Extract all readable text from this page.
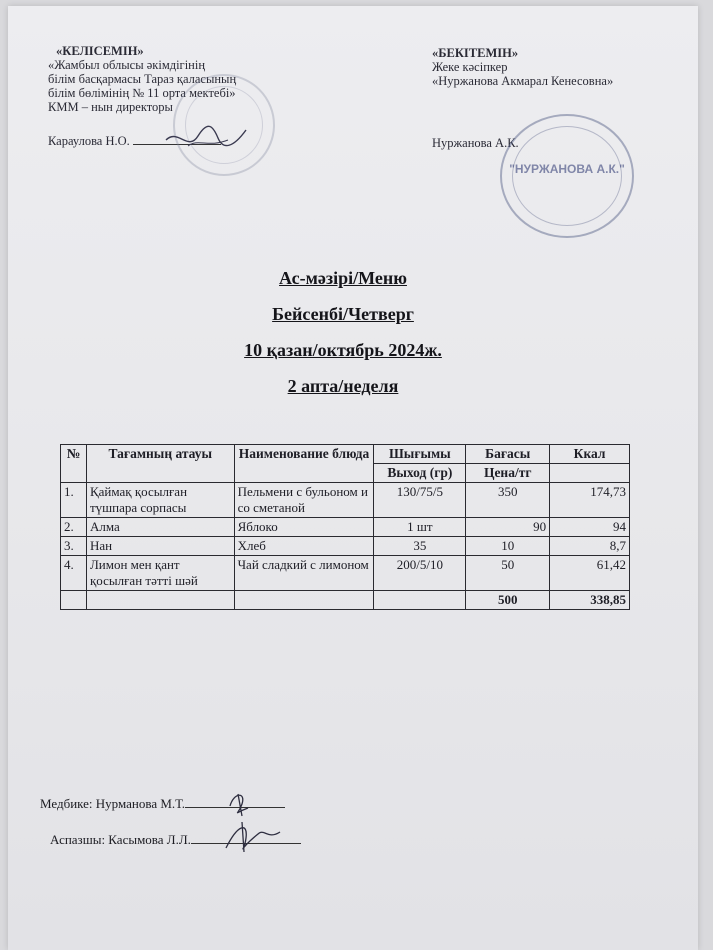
«КЕЛІСЕМІН»
«Жамбыл облысы әкімдігінің
білім басқармасы Тараз қаласының
білім бөлімінің № 11 орта мектебі»
КММ – нын директоры
Караулова Н.О.
«БЕКІТЕМІН»
Жеке кәсіпкер
«Нуржанова Акмарал Кенесовна»
Нуржанова А.К.
"НУРЖАНОВА А.К."
Ас-мәзірі/Меню
Бейсенбі/Четверг
10 қазан/октябрь 2024ж.
2 апта/неделя
№	Тағамның атауы	Наименование блюда	Шығымы	Бағасы	Ккал
			Выход (гр)	Цена/тг	
1.	Қаймақ қосылған түшпара сорпасы	Пельмени с бульоном и со сметаной	130/75/5	350	174,73
2.	Алма	Яблоко	1 шт	90	94
3.	Нан	Хлеб	35	10	8,7
4.	Лимон мен қант қосылған тәтті шәй	Чай сладкий с лимоном	200/5/10	50	61,42
				500	338,85
Медбике: Нурманова М.Т.
Аспазшы: Касымова Л.Л.
